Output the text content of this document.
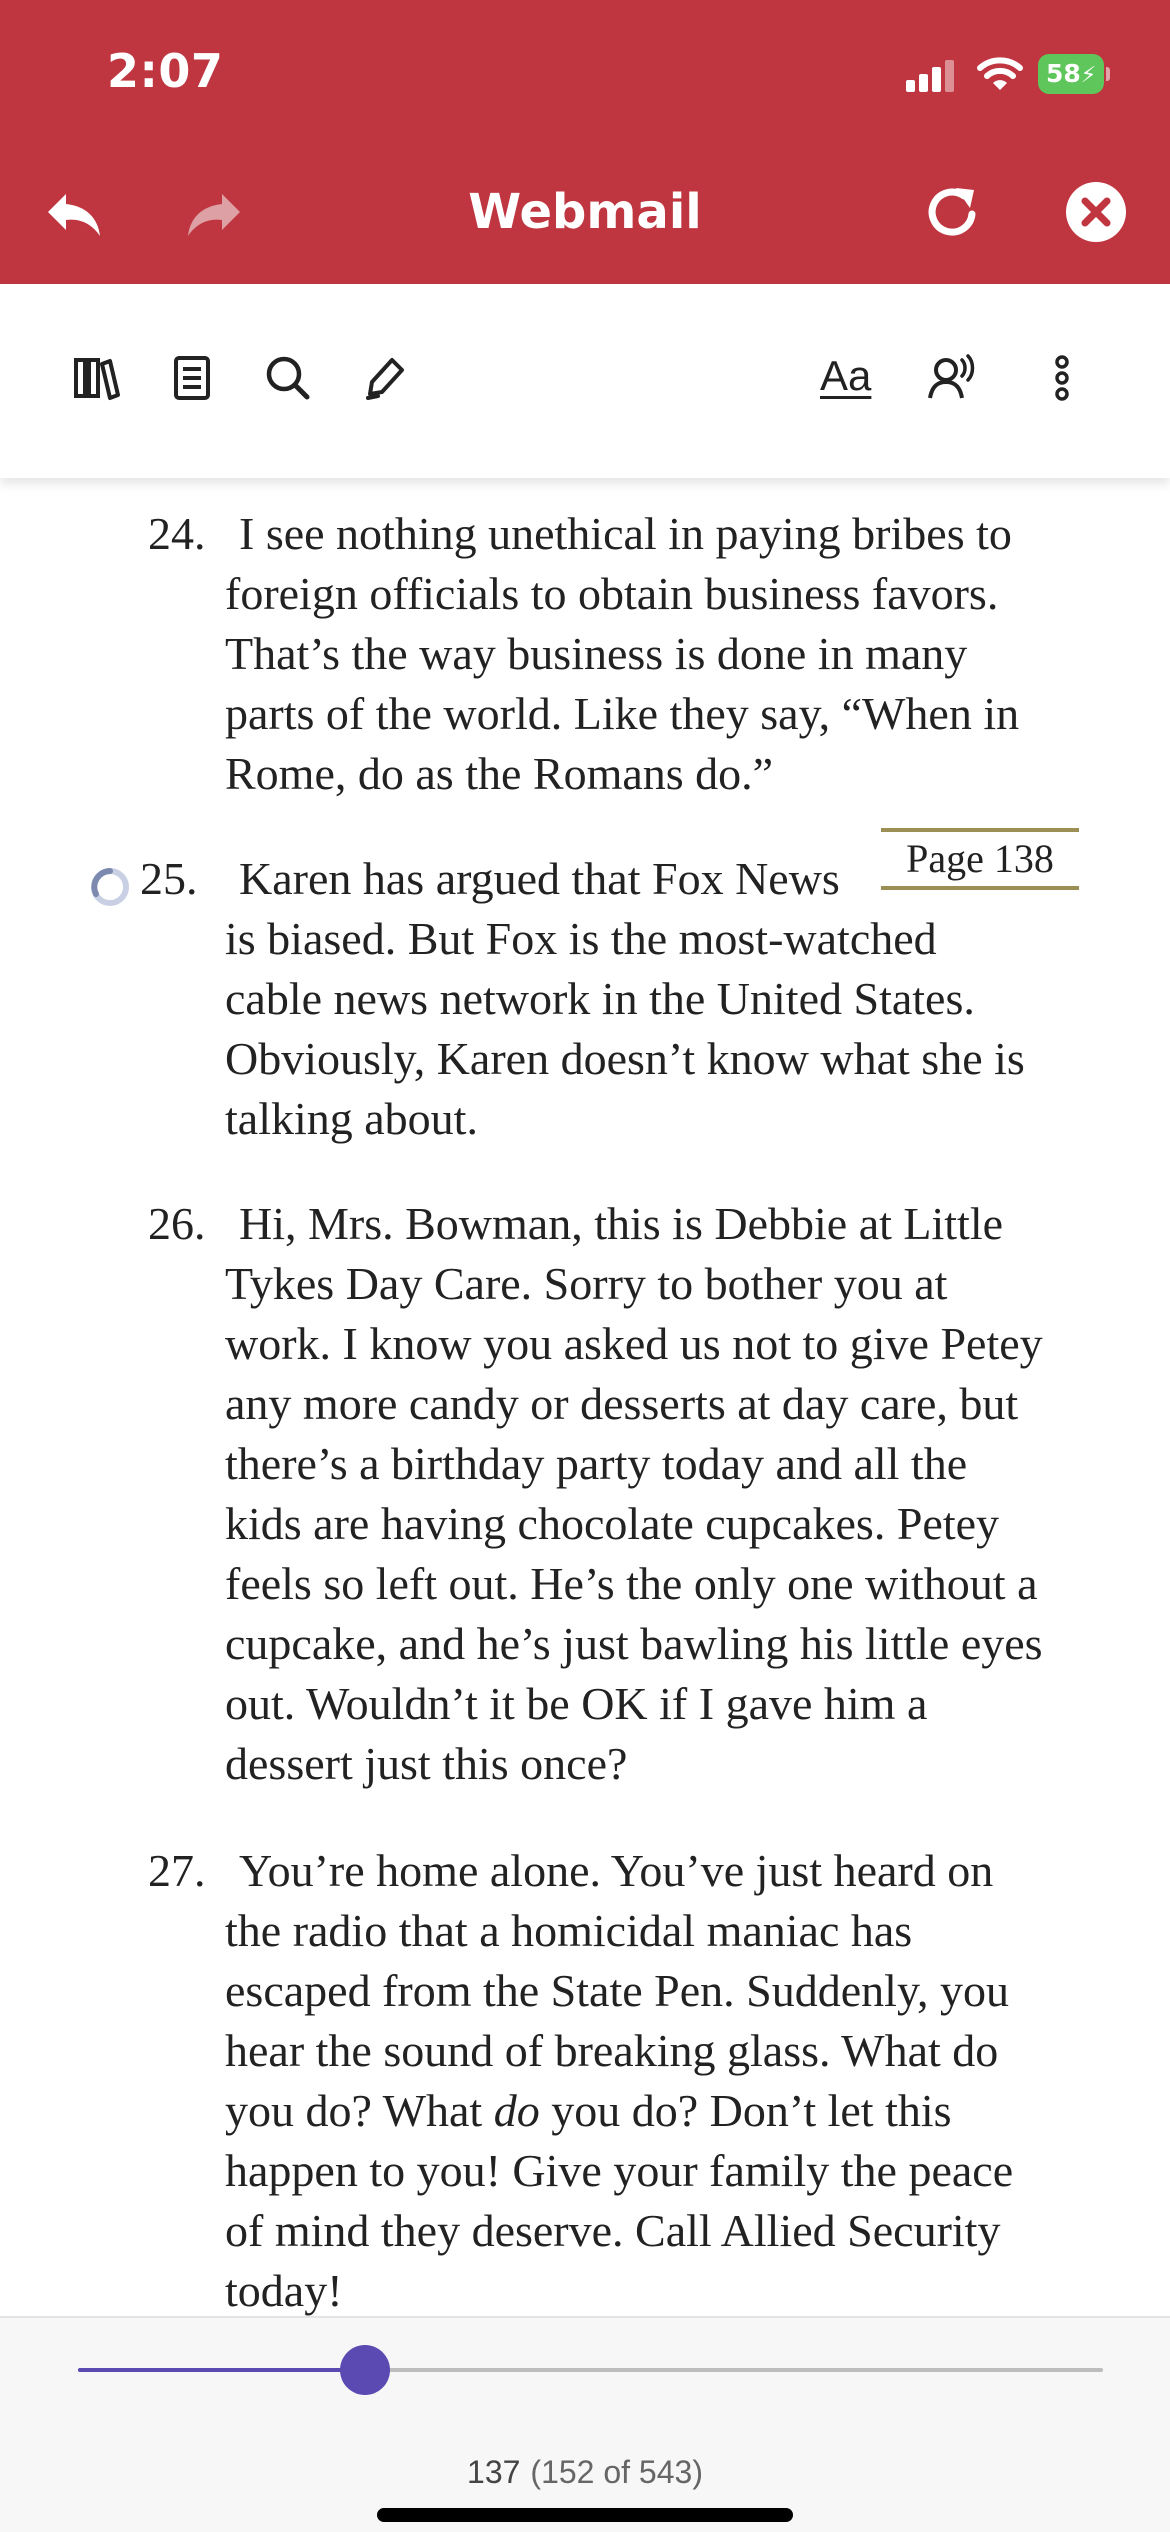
2:07	58⚡
Webmail
Aa
24. I see nothing unethical in paying bribes to
foreign officials to obtain business favors.
That’s the way business is done in many
parts of the world. Like they say, “When in
Rome, do as the Romans do.”
Page 138
25. Karen has argued that Fox News
is biased. But Fox is the most-watched
cable news network in the United States.
Obviously, Karen doesn’t know what she is
talking about.
26. Hi, Mrs. Bowman, this is Debbie at Little
Tykes Day Care. Sorry to bother you at
work. I know you asked us not to give Petey
any more candy or desserts at day care, but
there’s a birthday party today and all the
kids are having chocolate cupcakes. Petey
feels so left out. He’s the only one without a
cupcake, and he’s just bawling his little eyes
out. Wouldn’t it be OK if I gave him a
dessert just this once?
27. You’re home alone. You’ve just heard on
the radio that a homicidal maniac has
escaped from the State Pen. Suddenly, you
hear the sound of breaking glass. What do
you do? What do you do? Don’t let this
happen to you! Give your family the peace
of mind they deserve. Call Allied Security
today!
137 (152 of 543)
